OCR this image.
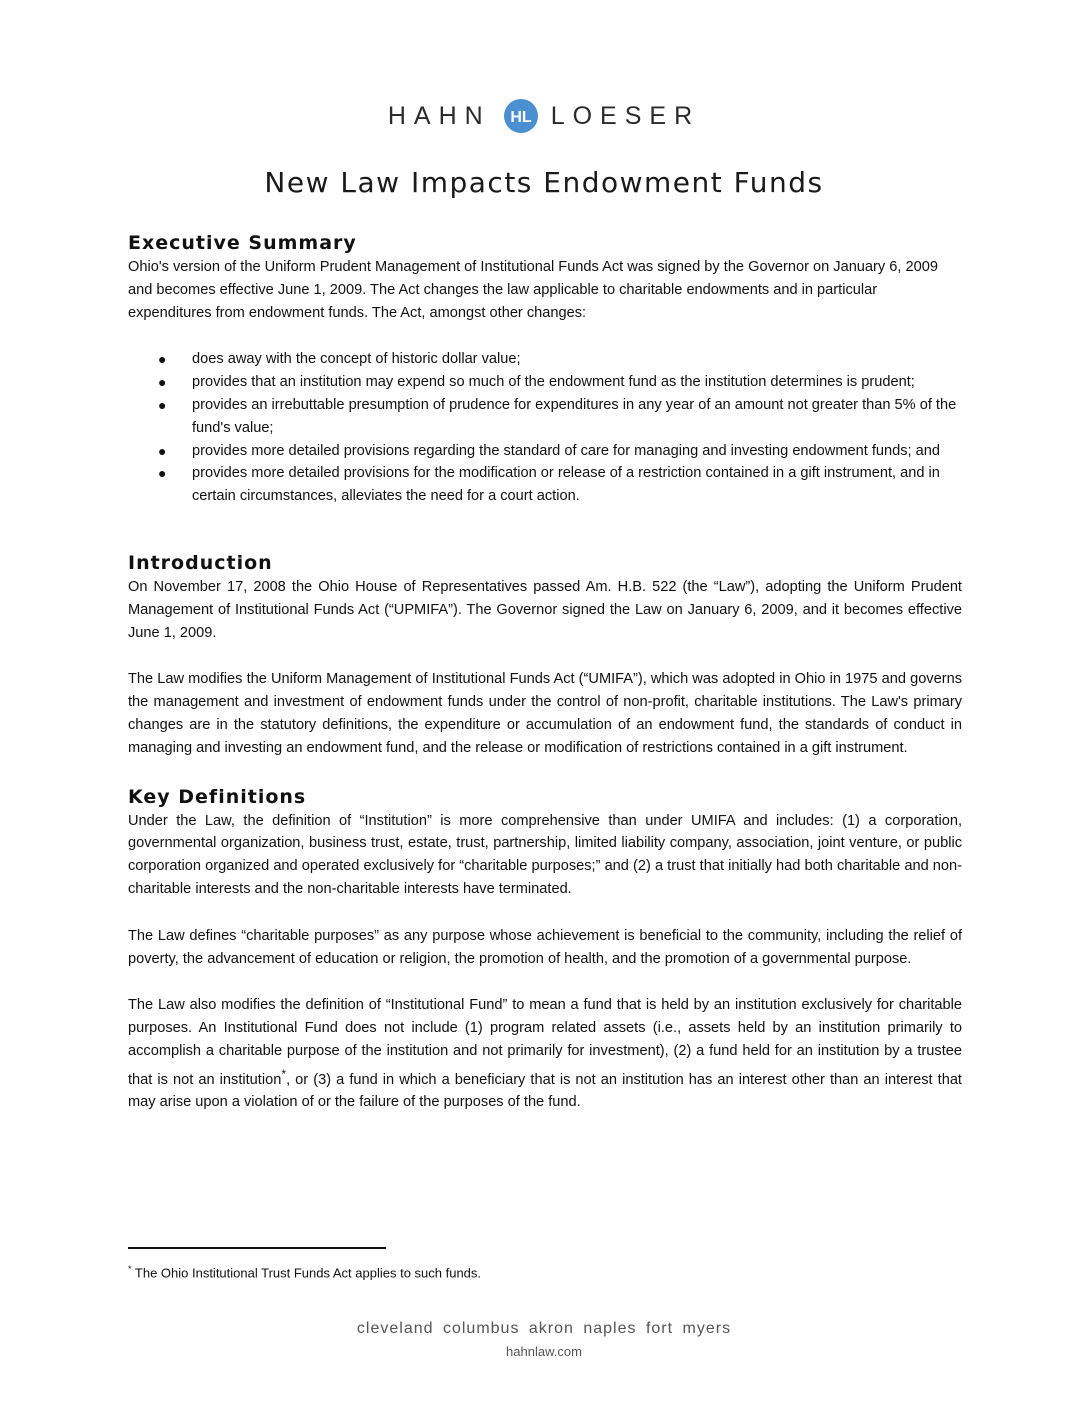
HAHN HL LOESER
New Law Impacts Endowment Funds
Executive Summary

Ohio's version of the Uniform Prudent Management of Institutional Funds Act was signed by the Governor on January 6, 2009 and becomes effective June 1, 2009. The Act changes the law applicable to charitable endowments and in particular expenditures from endowment funds. The Act, amongst other changes:

● does away with the concept of historic dollar value;
● provides that an institution may expend so much of the endowment fund as the institution determines is prudent;
● provides an irrebuttable presumption of prudence for expenditures in any year of an amount not greater than 5% of the fund's value;
● provides more detailed provisions regarding the standard of care for managing and investing endowment funds; and
● provides more detailed provisions for the modification or release of a restriction contained in a gift instrument, and in certain circumstances, alleviates the need for a court action.
Introduction

On November 17, 2008 the Ohio House of Representatives passed Am. H.B. 522 (the “Law”), adopting the Uniform Prudent Management of Institutional Funds Act (“UPMIFA”). The Governor signed the Law on January 6, 2009, and it becomes effective June 1, 2009.

The Law modifies the Uniform Management of Institutional Funds Act (“UMIFA”), which was adopted in Ohio in 1975 and governs the management and investment of endowment funds under the control of non-profit, charitable institutions. The Law's primary changes are in the statutory definitions, the expenditure or accumulation of an endowment fund, the standards of conduct in managing and investing an endowment fund, and the release or modification of restrictions contained in a gift instrument.

Key Definitions

Under the Law, the definition of “Institution” is more comprehensive than under UMIFA and includes: (1) a corporation, governmental organization, business trust, estate, trust, partnership, limited liability company, association, joint venture, or public corporation organized and operated exclusively for “charitable purposes;” and (2) a trust that initially had both charitable and non-charitable interests and the non-charitable interests have terminated.

The Law defines “charitable purposes” as any purpose whose achievement is beneficial to the community, including the relief of poverty, the advancement of education or religion, the promotion of health, and the promotion of a governmental purpose.

The Law also modifies the definition of “Institutional Fund” to mean a fund that is held by an institution exclusively for charitable purposes. An Institutional Fund does not include (1) program related assets (i.e., assets held by an institution primarily to accomplish a charitable purpose of the institution and not primarily for investment), (2) a fund held for an institution by a trustee that is not an institution*, or (3) a fund in which a beneficiary that is not an institution has an interest other than an interest that may arise upon a violation of or the failure of the purposes of the fund.

* The Ohio Institutional Trust Funds Act applies to such funds.
cleveland columbus akron naples fort myers
hahnlaw.com
